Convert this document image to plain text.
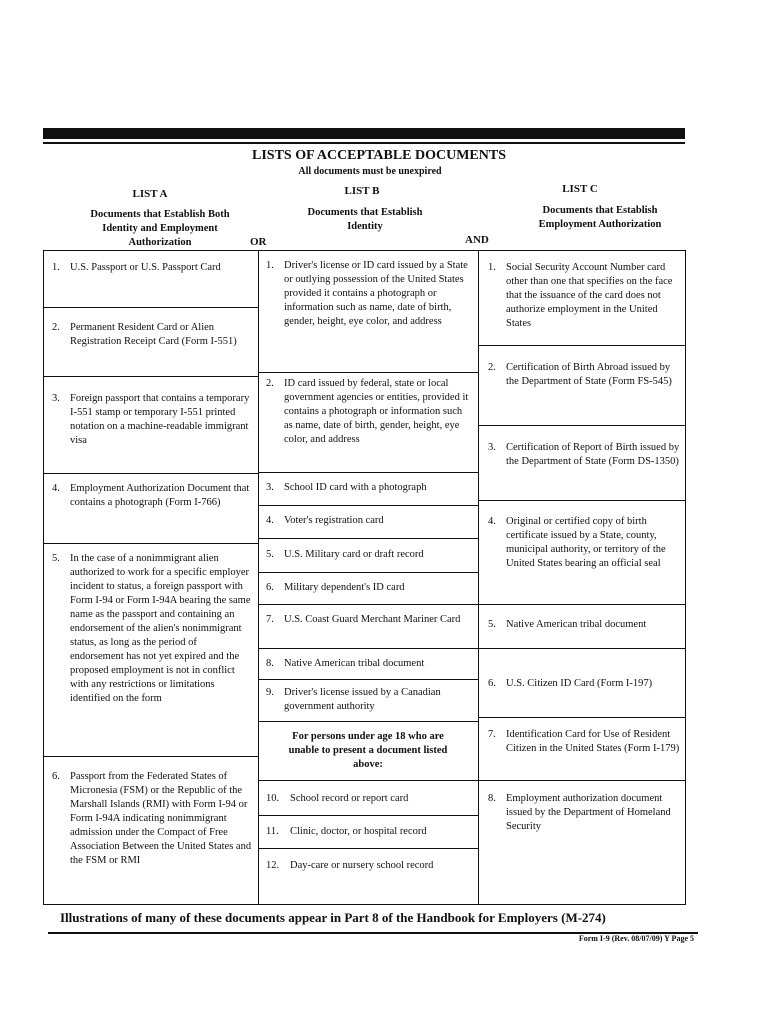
LISTS OF ACCEPTABLE DOCUMENTS
All documents must be unexpired
LIST A	LIST B	LIST C
Documents that Establish Both Identity and Employment Authorization
Documents that Establish Identity
Documents that Establish Employment Authorization
OR	AND
1. U.S. Passport or U.S. Passport Card
2. Permanent Resident Card or Alien Registration Receipt Card (Form I-551)
3. Foreign passport that contains a temporary I-551 stamp or temporary I-551 printed notation on a machine-readable immigrant visa
4. Employment Authorization Document that contains a photograph (Form I-766)
5. In the case of a nonimmigrant alien authorized to work for a specific employer incident to status, a foreign passport with Form I-94 or Form I-94A bearing the same name as the passport and containing an endorsement of the alien's nonimmigrant status, as long as the period of endorsement has not yet expired and the proposed employment is not in conflict with any restrictions or limitations identified on the form
6. Passport from the Federated States of Micronesia (FSM) or the Republic of the Marshall Islands (RMI) with Form I-94 or Form I-94A indicating nonimmigrant admission under the Compact of Free Association Between the United States and the FSM or RMI
1. Driver's license or ID card issued by a State or outlying possession of the United States provided it contains a photograph or information such as name, date of birth, gender, height, eye color, and address
2. ID card issued by federal, state or local government agencies or entities, provided it contains a photograph or information such as name, date of birth, gender, height, eye color, and address
3. School ID card with a photograph
4. Voter's registration card
5. U.S. Military card or draft record
6. Military dependent's ID card
7. U.S. Coast Guard Merchant Mariner Card
8. Native American tribal document
9. Driver's license issued by a Canadian government authority
For persons under age 18 who are unable to present a document listed above:
10.	School record or report card
11.	Clinic, doctor, or hospital record
12.	Day-care or nursery school record
1. Social Security Account Number card other than one that specifies on the face that the issuance of the card does not authorize employment in the United States
2. Certification of Birth Abroad issued by the Department of State (Form FS-545)
3. Certification of Report of Birth issued by the Department of State (Form DS-1350)
4. Original or certified copy of birth certificate issued by a State, county, municipal authority, or territory of the United States bearing an official seal
5. Native American tribal document
6. U.S. Citizen ID Card (Form I-197)
7. Identification Card for Use of Resident Citizen in the United States (Form I-179)
8. Employment authorization document issued by the Department of Homeland Security
Illustrations of many of these documents appear in Part 8 of the Handbook for Employers (M-274)
Form I-9 (Rev. 08/07/09) Y Page 5
